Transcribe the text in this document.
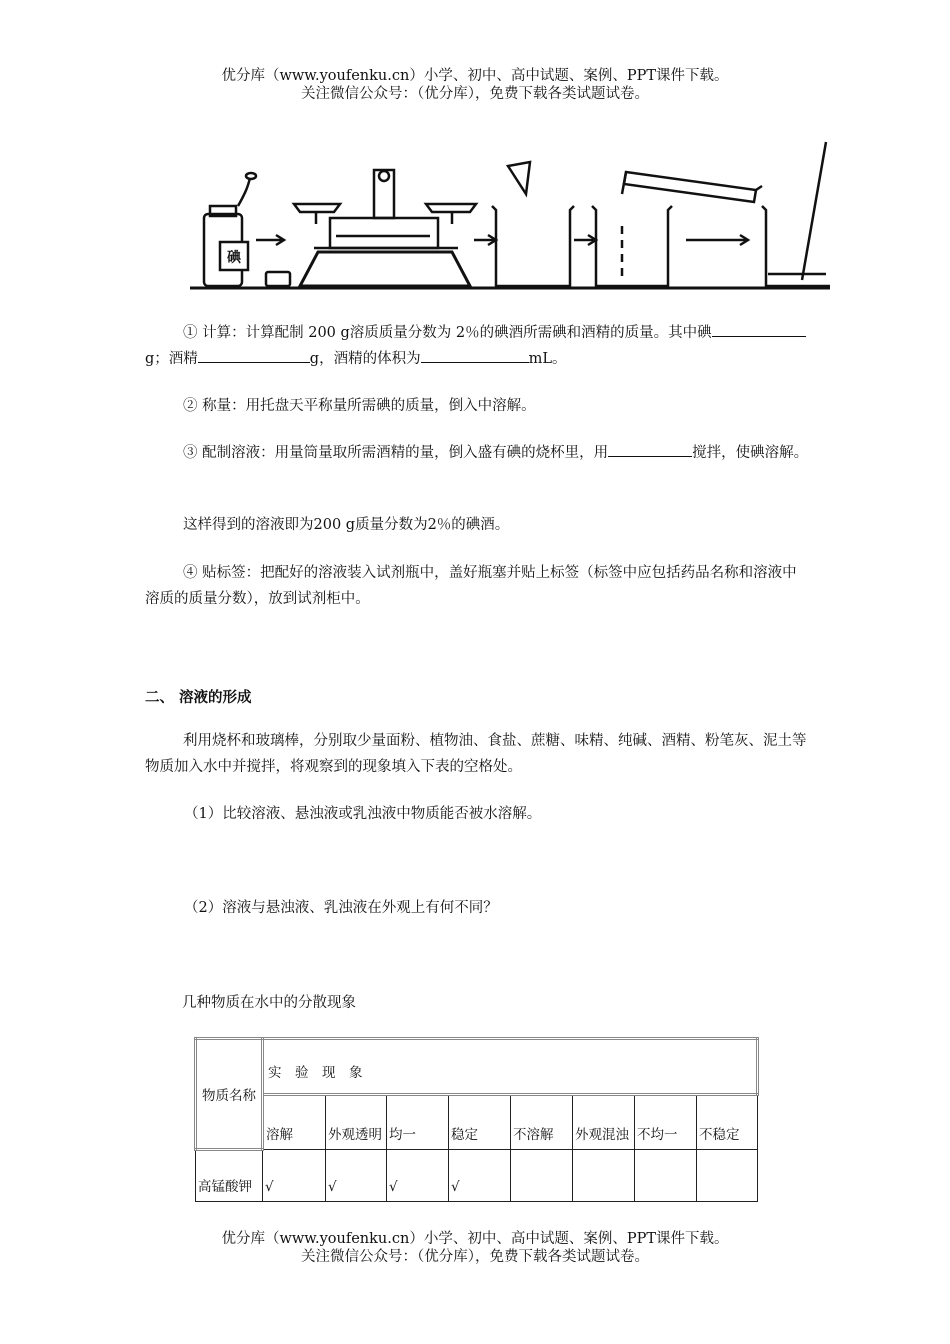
优分库（www.youfenku.cn）小学、初中、高中试题、案例、PPT课件下载。
关注微信公众号：（优分库），免费下载各类试题试卷。
碘
① 计算：计算配制 200 g溶质质量分数为 2％的碘酒所需碘和酒精的质量。其中碘g；酒精	g，酒精的体积为	mL。
② 称量：用托盘天平称量所需碘的质量，倒入中溶解。
③ 配制溶液：用量筒量取所需酒精的量，倒入盛有碘的烧杯里，用	搅拌，使碘溶解。
这样得到的溶液即为200 g质量分数为2％的碘酒。
④ 贴标签：把配好的溶液装入试剂瓶中，盖好瓶塞并贴上标签（标签中应包括药品名称和溶液中溶质的质量分数），放到试剂柜中。
二、 溶液的形成
利用烧杯和玻璃棒，分别取少量面粉、植物油、食盐、蔗糖、味精、纯碱、酒精、粉笔灰、泥土等物质加入水中并搅拌，将观察到的现象填入下表的空格处。
（1）比较溶液、悬浊液或乳浊液中物质能否被水溶解。
（2）溶液与悬浊液、乳浊液在外观上有何不同？
几种物质在水中的分散现象
物质名称	实　验　现　象							
	溶解	外观透明	均一	稳定	不溶解	外观混浊	不均一	不稳定
高锰酸钾	√	√	√	√				
优分库（www.youfenku.cn）小学、初中、高中试题、案例、PPT课件下载。
关注微信公众号：（优分库），免费下载各类试题试卷。
